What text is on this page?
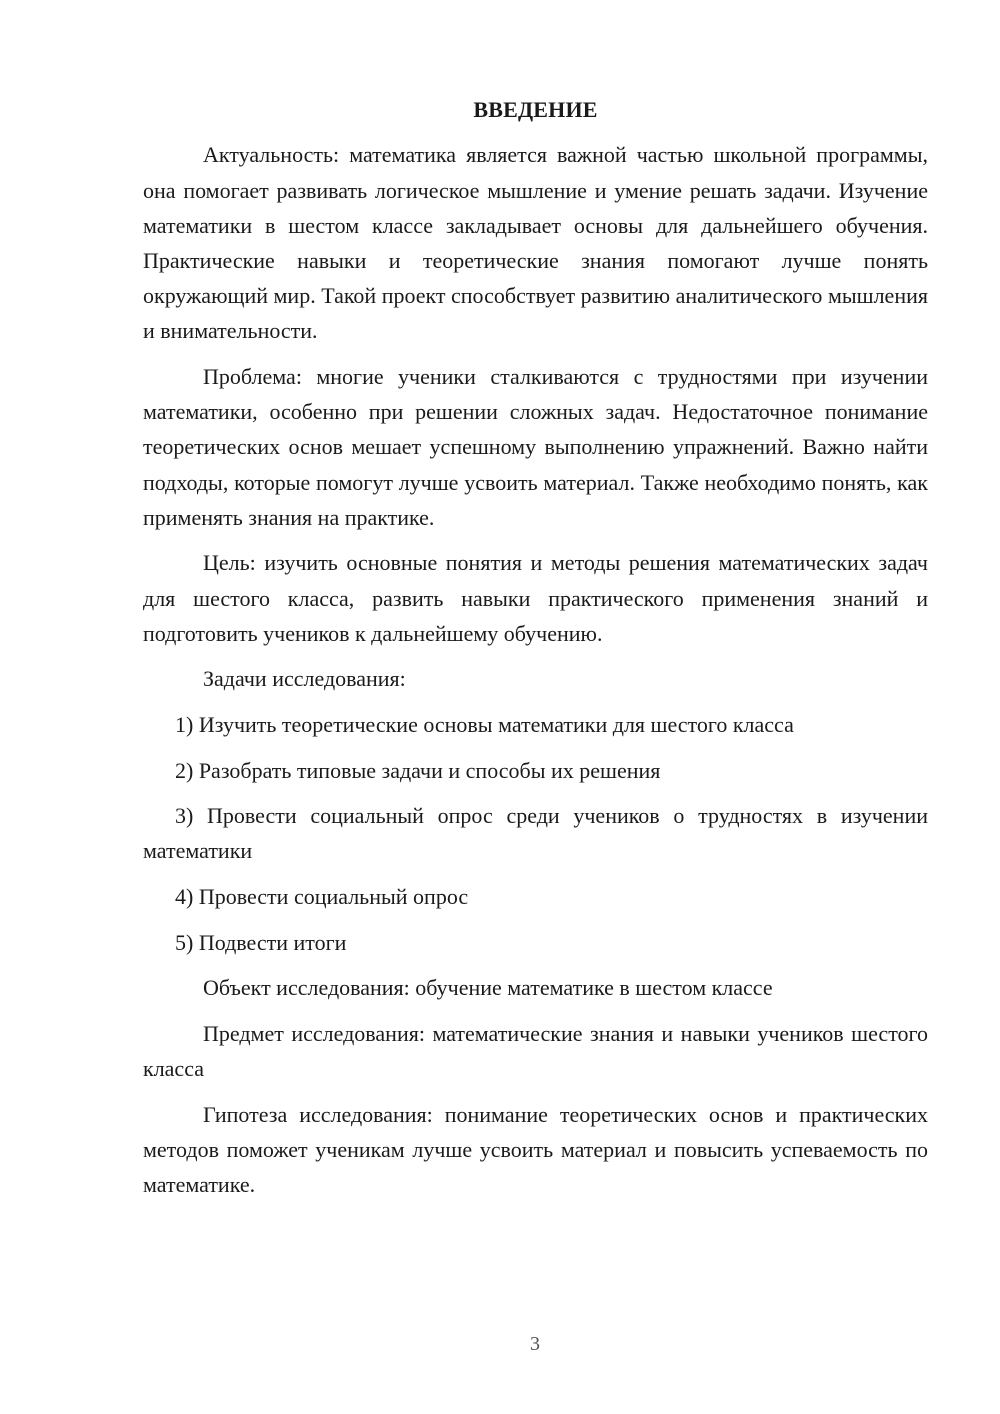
ВВЕДЕНИЕ

Актуальность: математика является важной частью школьной программы, она помогает развивать логическое мышление и умение решать задачи. Изучение математики в шестом классе закладывает основы для дальнейшего обучения. Практические навыки и теоретические знания помогают лучше понять окружающий мир. Такой проект способствует развитию аналитического мышления и внимательности.

Проблема: многие ученики сталкиваются с трудностями при изучении математики, особенно при решении сложных задач. Недостаточное понимание теоретических основ мешает успешному выполнению упражнений. Важно найти подходы, которые помогут лучше усвоить материал. Также необходимо понять, как применять знания на практике.

Цель: изучить основные понятия и методы решения математических задач для шестого класса, развить навыки практического применения знаний и подготовить учеников к дальнейшему обучению.

Задачи исследования:

1) Изучить теоретические основы математики для шестого класса

2) Разобрать типовые задачи и способы их решения

3) Провести социальный опрос среди учеников о трудностях в изучении математики

4) Провести социальный опрос

5) Подвести итоги

Объект исследования: обучение математике в шестом классе

Предмет исследования: математические знания и навыки учеников шестого класса

Гипотеза исследования: понимание теоретических основ и практических методов поможет ученикам лучше усвоить материал и повысить успеваемость по математике.

3
